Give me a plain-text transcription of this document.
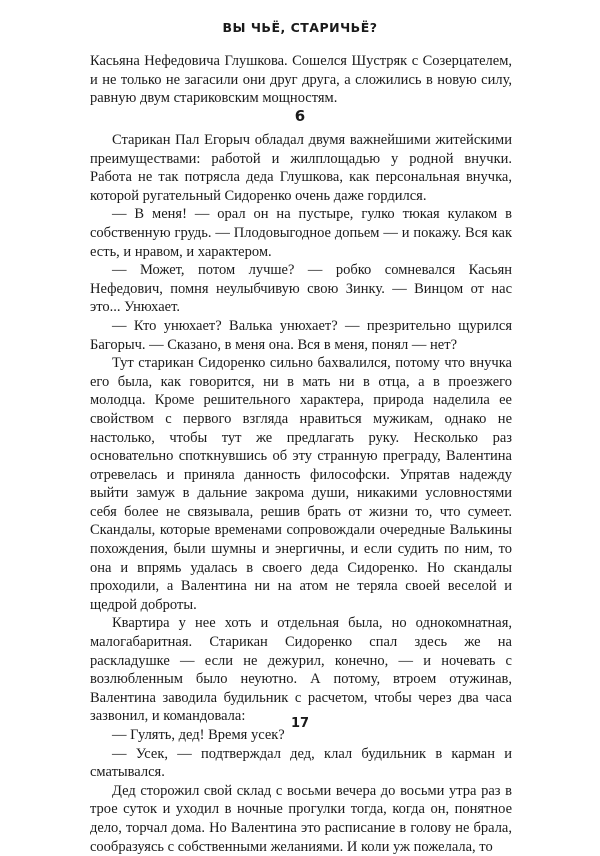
ВЫ ЧЬЁ, СТАРИЧЬЁ?

Касьяна Нефедовича Глушкова. Сошелся Шустряк с Созерцателем, и не только не загасили они друг друга, а сложились в новую силу, равную двум стариковским мощностям.

6

Старикан Пал Егорыч обладал двумя важнейшими житейскими преимуществами: работой и жилплощадью у родной внучки. Работа не так потрясла деда Глушкова, как персональная внучка, которой ругательный Сидоренко очень даже гордился.

— В меня! — орал он на пустыре, гулко тюкая кулаком в собственную грудь. — Плодовыгодное допьем — и покажу. Вся как есть, и нравом, и характером.

— Может, потом лучше? — робко сомневался Касьян Нефедович, помня неулыбчивую свою Зинку. — Винцом от нас это... Унюхает.

— Кто унюхает? Валька унюхает? — презрительно щурился Багорыч. — Сказано, в меня она. Вся в меня, понял — нет?

Тут старикан Сидоренко сильно бахвалился, потому что внучка его была, как говорится, ни в мать ни в отца, а в проезжего молодца. Кроме решительного характера, природа наделила ее свойством с первого взгляда нравиться мужикам, однако не настолько, чтобы тут же предлагать руку. Несколько раз основательно споткнувшись об эту странную преграду, Валентина отревелась и приняла данность философски. Упрятав надежду выйти замуж в дальние закрома души, никакими условностями себя более не связывала, решив брать от жизни то, что сумеет. Скандалы, которые временами сопровождали очередные Валькины похождения, были шумны и энергичны, и если судить по ним, то она и впрямь удалась в своего деда Сидоренко. Но скандалы проходили, а Валентина ни на атом не теряла своей веселой и щедрой доброты.

Квартира у нее хоть и отдельная была, но однокомнатная, малогабаритная. Старикан Сидоренко спал здесь же на раскладушке — если не дежурил, конечно, — и ночевать с возлюбленным было неуютно. А потому, втроем отужинав, Валентина заводила будильник с расчетом, чтобы через два часа зазвонил, и командовала:

— Гулять, дед! Время усек?

— Усек, — подтверждал дед, клал будильник в карман и сматывался.

Дед сторожил свой склад с восьми вечера до восьми утра раз в трое суток и уходил в ночные прогулки тогда, когда он, понятное дело, торчал дома. Но Валентина это расписание в голову не брала, сообразуясь с собственными желаниями. И коли уж пожелала, то

17
